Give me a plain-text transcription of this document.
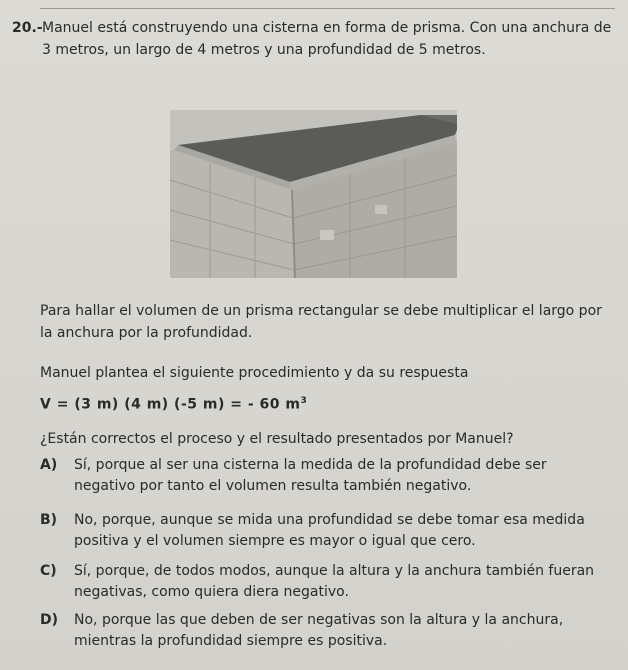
20.- Manuel está construyendo una cisterna en forma de prisma. Con una anchura de 3 metros, un largo de 4 metros y una profundidad de 5 metros.
Para hallar el volumen de un prisma rectangular se debe multiplicar el largo por la anchura por la profundidad.
Manuel plantea el siguiente procedimiento y da su respuesta
V = (3 m) (4 m) (-5 m) = - 60 $m^3$
¿Están correctos el proceso y el resultado presentados por Manuel?
A)	Sí, porque al ser una cisterna la medida de la profundidad debe ser negativo por tanto el volumen resulta también negativo.
B)	No, porque, aunque se mida una profundidad se debe tomar esa medida positiva y el volumen siempre es mayor o igual que cero.
C)	Sí, porque, de todos modos, aunque la altura y la anchura también fueran negativas, como quiera diera negativo.
D)	No, porque las que deben de ser negativas son la altura y la anchura, mientras la profundidad siempre es positiva.
